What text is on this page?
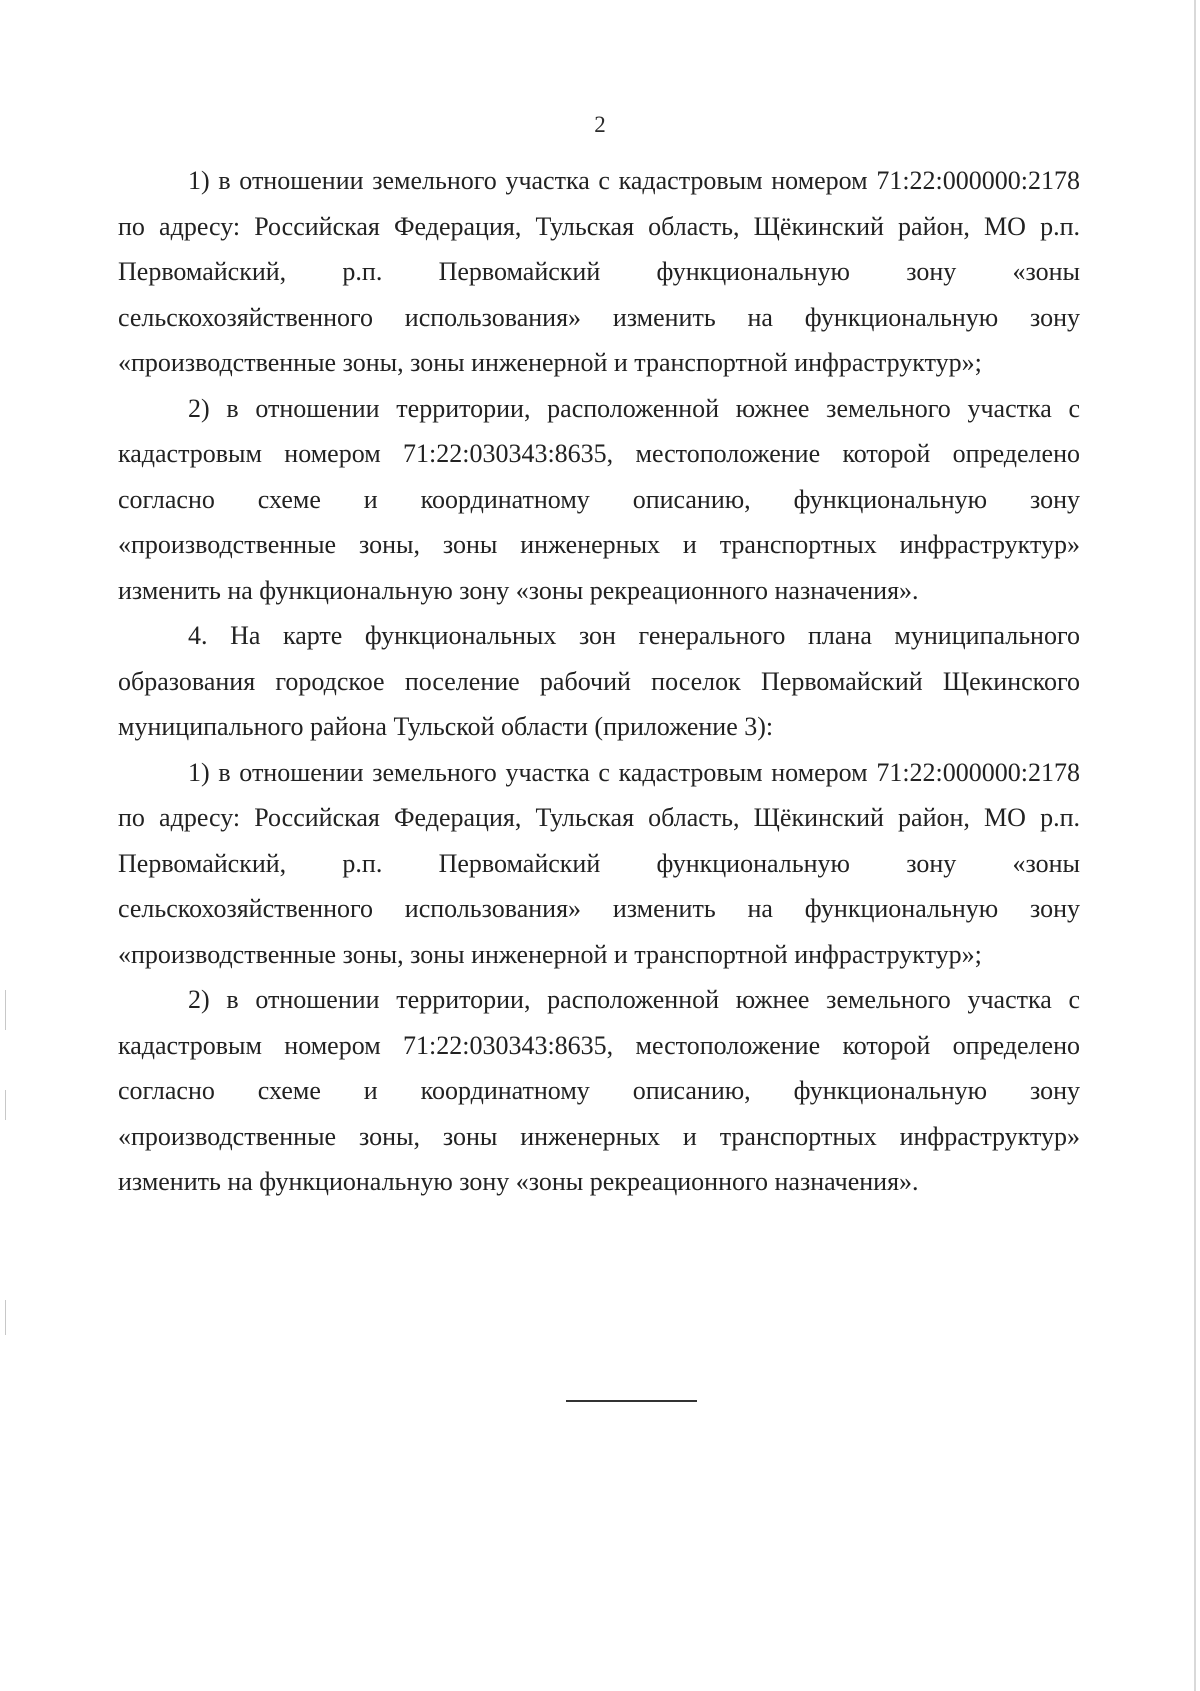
2

1) в отношении земельного участка с кадастровым номером 71:22:000000:2178 по адресу: Российская Федерация, Тульская область, Щёкинский район, МО р.п. Первомайский, р.п. Первомайский функциональную зону «зоны сельскохозяйственного использования» изменить на функциональную зону «производственные зоны, зоны инженерной и транспортной инфраструктур»;

2) в отношении территории, расположенной южнее земельного участка с кадастровым номером 71:22:030343:8635, местоположение которой определено согласно схеме и координатному описанию, функциональную зону «производственные зоны, зоны инженерных и транспортных инфраструктур» изменить на функциональную зону «зоны рекреационного назначения».

4. На карте функциональных зон генерального плана муниципального образования городское поселение рабочий поселок Первомайский Щекинского муниципального района Тульской области (приложение 3):

1) в отношении земельного участка с кадастровым номером 71:22:000000:2178 по адресу: Российская Федерация, Тульская область, Щёкинский район, МО р.п. Первомайский, р.п. Первомайский функциональную зону «зоны сельскохозяйственного использования» изменить на функциональную зону «производственные зоны, зоны инженерной и транспортной инфраструктур»;

2) в отношении территории, расположенной южнее земельного участка с кадастровым номером 71:22:030343:8635, местоположение которой определено согласно схеме и координатному описанию, функциональную зону «производственные зоны, зоны инженерных и транспортных инфраструктур» изменить на функциональную зону «зоны рекреационного назначения».
